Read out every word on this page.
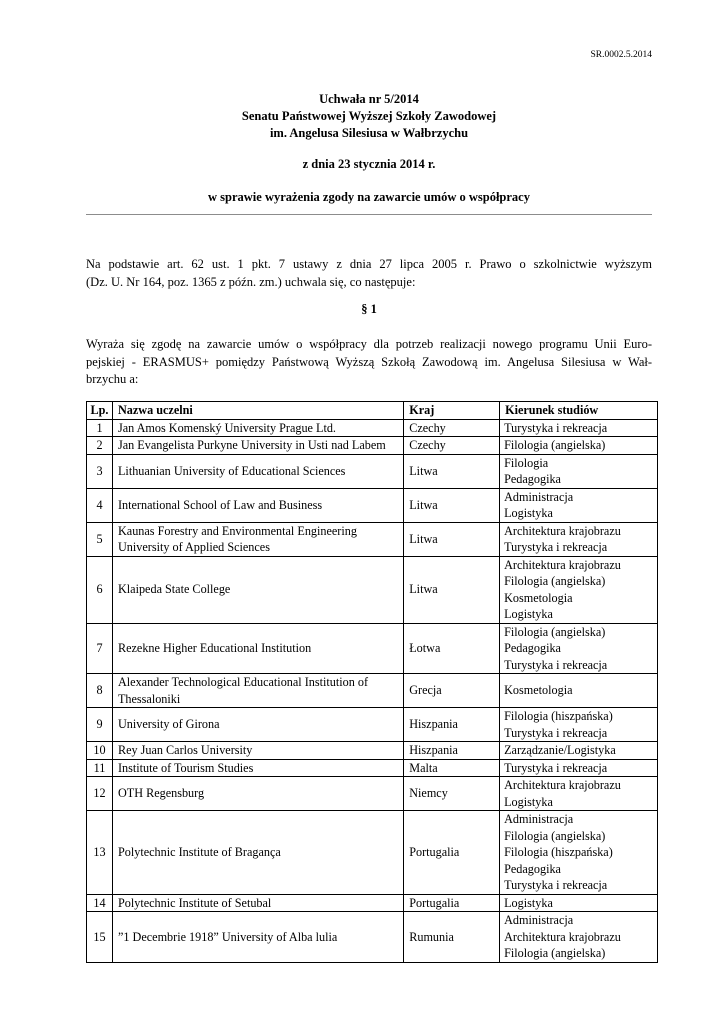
SR.0002.5.2014
Uchwała nr 5/2014
Senatu Państwowej Wyższej Szkoły Zawodowej
im. Angelusa Silesiusa w Wałbrzychu
z dnia 23 stycznia 2014 r.
w sprawie wyrażenia zgody na zawarcie umów o współpracy
Na podstawie art. 62 ust. 1 pkt. 7 ustawy z dnia 27 lipca 2005 r. Prawo o szkolnictwie wyższym
(Dz. U. Nr 164, poz. 1365 z późn. zm.) uchwala się, co następuje:
§ 1
Wyraża się zgodę na zawarcie umów o współpracy dla potrzeb realizacji nowego programu Unii Euro-
pejskiej - ERASMUS+ pomiędzy Państwową Wyższą Szkołą Zawodową im. Angelusa Silesiusa w Wał-
brzychu a:
Lp.	Nazwa uczelni	Kraj	Kierunek studiów
1	Jan Amos Komenský University Prague Ltd.	Czechy	Turystyka i rekreacja

2	Jan Evangelista Purkyne University in Usti nad Labem	Czechy	Filologia (angielska)

3	Lithuanian University of Educational Sciences	Litwa	Filologia
Pedagogika

4	International School of Law and Business	Litwa	Administracja
Logistyka

5	Kaunas Forestry and Environmental Engineering University of Applied Sciences	Litwa	Architektura krajobrazu
Turystyka i rekreacja

6	Klaipeda State College	Litwa	Architektura krajobrazu
Filologia (angielska)
Kosmetologia
Logistyka

7	Rezekne Higher Educational Institution	Łotwa	Filologia (angielska)
Pedagogika
Turystyka i rekreacja

8	Alexander Technological Educational Institution of Thessaloniki	Grecja	Kosmetologia

9	University of Girona	Hiszpania	Filologia (hiszpańska)
Turystyka i rekreacja

10	Rey Juan Carlos University	Hiszpania	Zarządzanie/Logistyka

11	Institute of Tourism Studies	Malta	Turystyka i rekreacja

12	OTH Regensburg	Niemcy	Architektura krajobrazu
Logistyka

13	Polytechnic Institute of Bragança	Portugalia	Administracja
Filologia (angielska)
Filologia (hiszpańska)
Pedagogika
Turystyka i rekreacja

14	Polytechnic Institute of Setubal	Portugalia	Logistyka

15	”1 Decembrie 1918” University of Alba lulia	Rumunia	Administracja
Architektura krajobrazu
Filologia (angielska)
